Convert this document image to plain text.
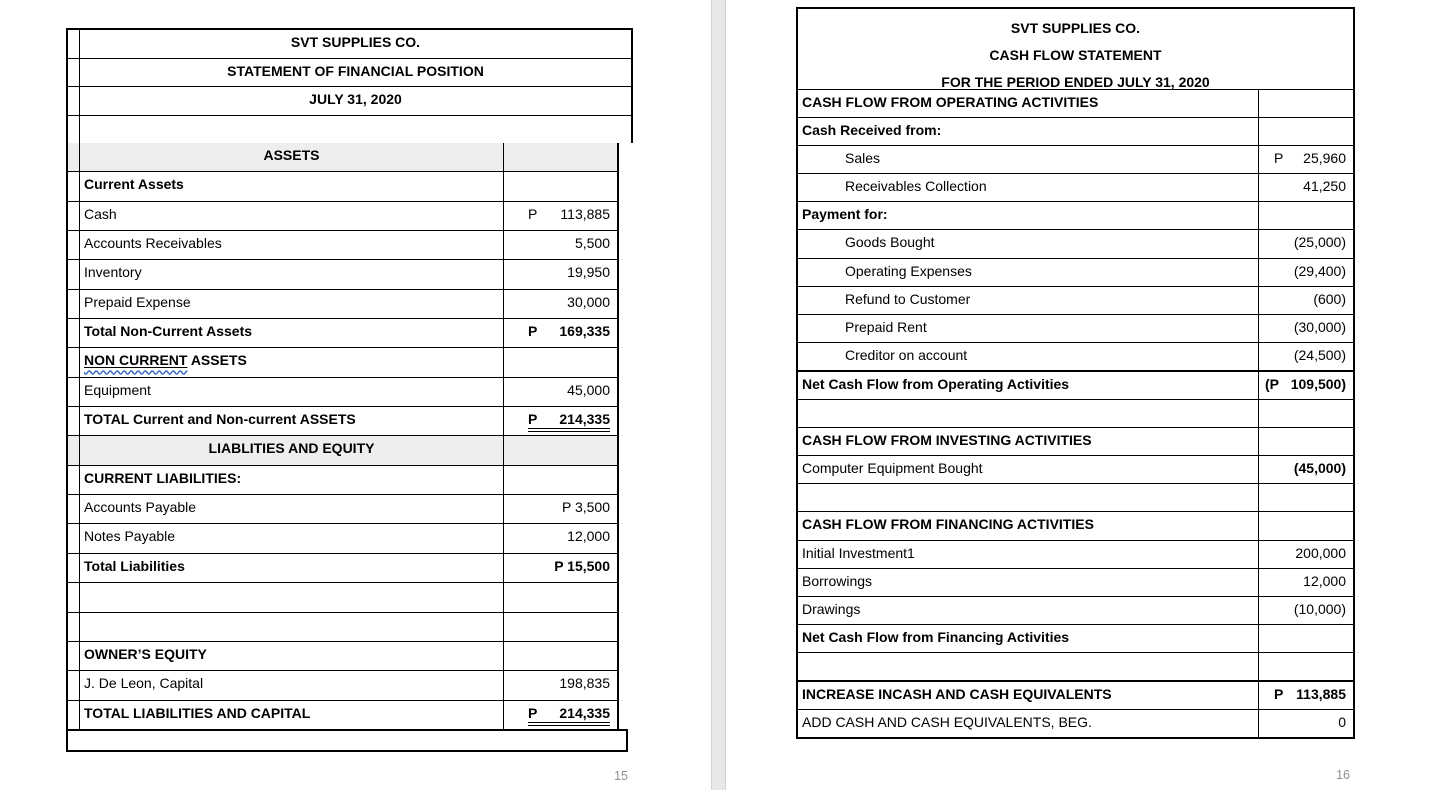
SVT SUPPLIES CO.
STATEMENT OF FINANCIAL POSITION
JULY 31, 2020
ASSETS
Current Assets
Cash	P 113,885
Accounts Receivables	5,500
Inventory	19,950
Prepaid Expense	30,000
Total Non-Current Assets	P 169,335
NON CURRENT ASSETS
Equipment	45,000
TOTAL Current and Non-current ASSETS	P 214,335
LIABLITIES AND EQUITY
CURRENT LIABILITIES:
Accounts Payable	P 3,500
Notes Payable	12,000
Total Liabilities	P 15,500
OWNER’S EQUITY
J. De Leon, Capital	198,835
TOTAL LIABILITIES AND CAPITAL	P 214,335
15
SVT SUPPLIES CO.
CASH FLOW STATEMENT
FOR THE PERIOD ENDED JULY 31, 2020
CASH FLOW FROM OPERATING ACTIVITIES
Cash Received from:
Sales	P 25,960
Receivables Collection	41,250
Payment for:
Goods Bought	(25,000)
Operating Expenses	(29,400)
Refund to Customer	(600)
Prepaid Rent	(30,000)
Creditor on account	(24,500)
Net Cash Flow from Operating Activities	(P 109,500)
CASH FLOW FROM INVESTING ACTIVITIES
Computer Equipment Bought	(45,000)
CASH FLOW FROM FINANCING ACTIVITIES
Initial Investment1	200,000
Borrowings	12,000
Drawings	(10,000)
Net Cash Flow from Financing Activities
INCREASE INCASH AND CASH EQUIVALENTS	P 113,885
ADD CASH AND CASH EQUIVALENTS, BEG.	0
16
